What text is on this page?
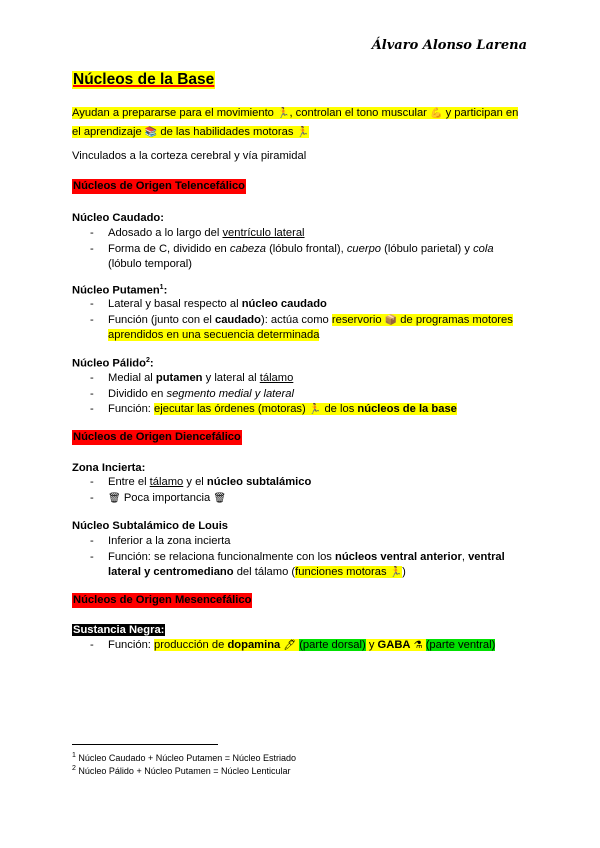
Álvaro Alonso Larena
Núcleos de la Base
Ayudan a prepararse para el movimiento 🏃, controlan el tono muscular 💪 y participan en el aprendizaje 📚 de las habilidades motoras 🏃
Vinculados a la corteza cerebral y vía piramidal
Núcleos de Origen Telencefálico
Núcleo Caudado:
- Adosado a lo largo del ventrículo lateral
- Forma de C, dividido en cabeza (lóbulo frontal), cuerpo (lóbulo parietal) y cola (lóbulo temporal)
Núcleo Putamen$^1$:
- Lateral y basal respecto al núcleo caudado
- Función (junto con el caudado): actúa como reservorio 📦 de programas motores aprendidos en una secuencia determinada
Núcleo Pálido$^2$:
- Medial al putamen y lateral al tálamo
- Dividido en segmento medial y lateral
- Función: ejecutar las órdenes (motoras) 🏃 de los núcleos de la base
Núcleos de Origen Diencefálico
Zona Incierta:
- Entre el tálamo y el núcleo subtalámico
- 🗑 Poca importancia 🗑
Núcleo Subtalámico de Louis
- Inferior a la zona incierta
- Función: se relaciona funcionalmente con los núcleos ventral anterior, ventral lateral y centromediano del tálamo (funciones motoras 🏃)
Núcleos de Origen Mesencefálico
Sustancia Negra:
- Función: producción de dopamina 🖊 (parte dorsal) y GABA ⚗ (parte ventral)
$^1$ Núcleo Caudado + Núcleo Putamen = Núcleo Estriado
$^2$ Núcleo Pálido + Núcleo Putamen = Núcleo Lenticular
